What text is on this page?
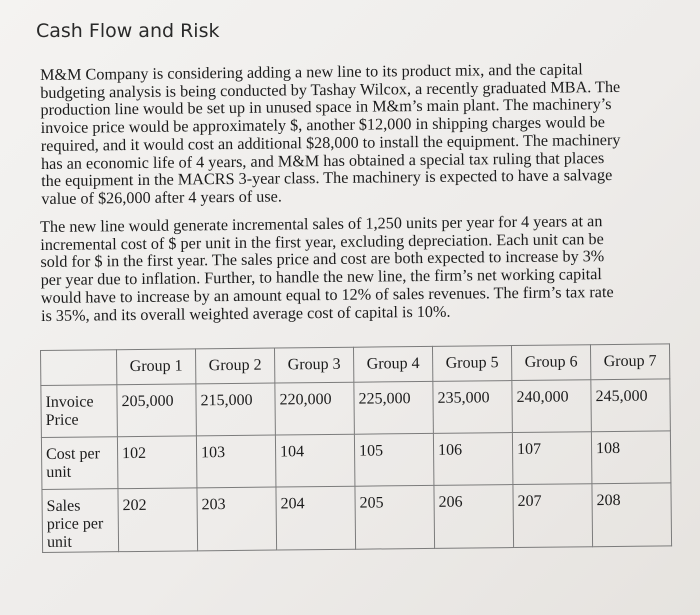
Cash Flow and Risk

M&M Company is considering adding a new line to its product mix, and the capital
budgeting analysis is being conducted by Tashay Wilcox, a recently graduated MBA. The
production line would be set up in unused space in M&m’s main plant. The machinery’s
invoice price would be approximately $, another $12,000 in shipping charges would be
required, and it would cost an additional $28,000 to install the equipment. The machinery
has an economic life of 4 years, and M&M has obtained a special tax ruling that places
the equipment in the MACRS 3-year class. The machinery is expected to have a salvage
value of $26,000 after 4 years of use.

The new line would generate incremental sales of 1,250 units per year for 4 years at an
incremental cost of $ per unit in the first year, excluding depreciation. Each unit can be
sold for $ in the first year. The sales price and cost are both expected to increase by 3%
per year due to inflation. Further, to handle the new line, the firm’s net working capital
would have to increase by an amount equal to 12% of sales revenues. The firm’s tax rate
is 35%, and its overall weighted average cost of capital is 10%.

	Group 1	Group 2	Group 3	Group 4	Group 5	Group 6	Group 7
Invoice Price	205,000	215,000	220,000	225,000	235,000	240,000	245,000
Cost per unit	102	103	104	105	106	107	108
Sales price per unit	202	203	204	205	206	207	208
